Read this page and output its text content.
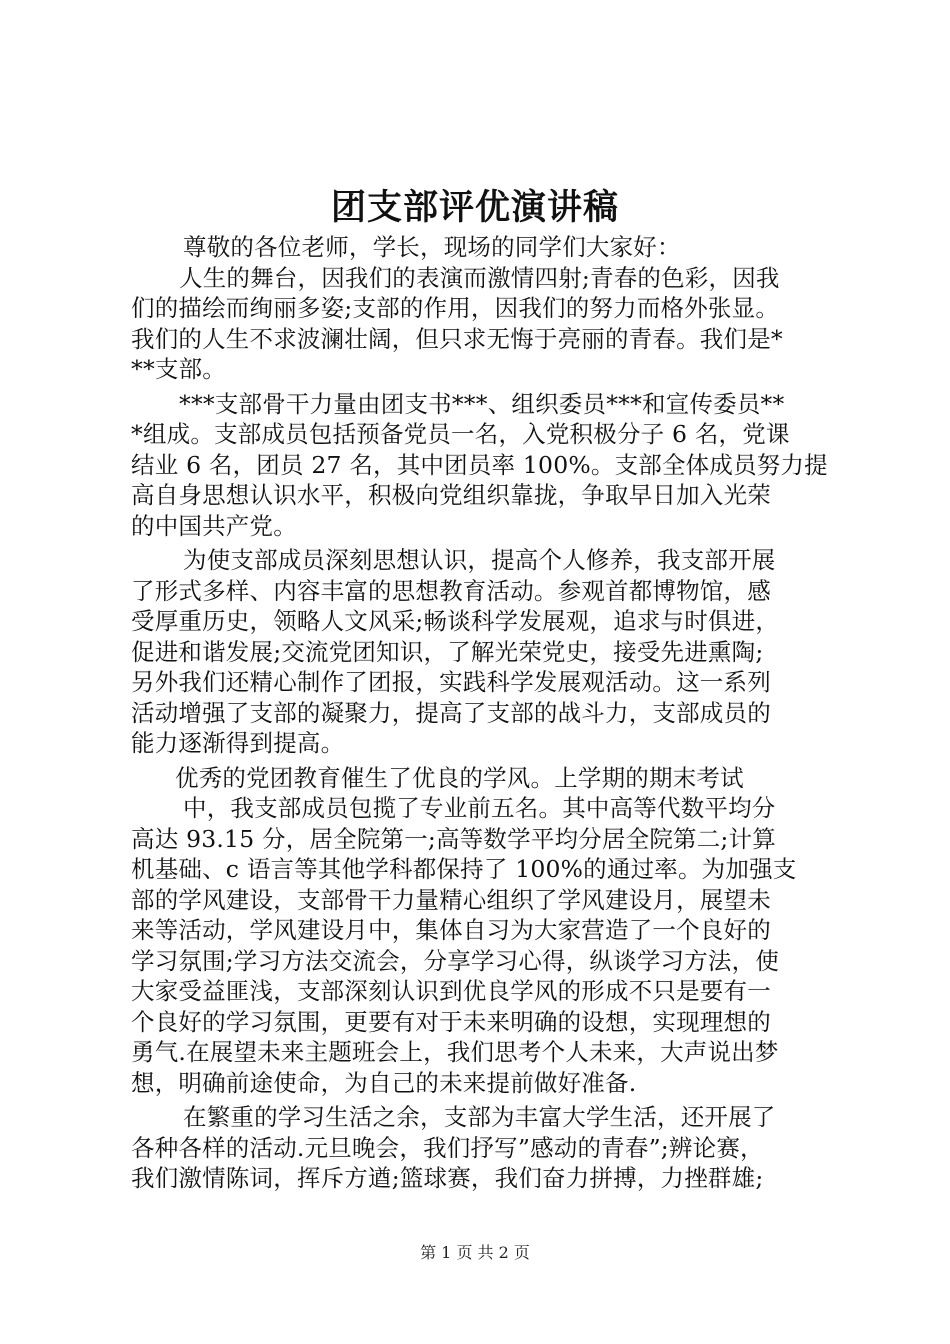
团支部评优演讲稿
尊敬的各位老师，学长，现场的同学们大家好：
人生的舞台，因我们的表演而激情四射;青春的色彩，因我
们的描绘而绚丽多姿;支部的作用，因我们的努力而格外张显。
我们的人生不求波澜壮阔，但只求无悔于亮丽的青春。我们是*
**支部。
***支部骨干力量由团支书***、组织委员***和宣传委员**
*组成。支部成员包括预备党员一名，入党积极分子 6 名，党课
结业 6 名，团员 27 名，其中团员率 100%。支部全体成员努力提
高自身思想认识水平，积极向党组织靠拢，争取早日加入光荣
的中国共产党。
为使支部成员深刻思想认识，提高个人修养，我支部开展
了形式多样、内容丰富的思想教育活动。参观首都博物馆，感
受厚重历史，领略人文风采;畅谈科学发展观，追求与时俱进，
促进和谐发展;交流党团知识，了解光荣党史，接受先进熏陶;
另外我们还精心制作了团报，实践科学发展观活动。这一系列
活动增强了支部的凝聚力，提高了支部的战斗力，支部成员的
能力逐渐得到提高。
优秀的党团教育催生了优良的学风。上学期的期末考试
中，我支部成员包揽了专业前五名。其中高等代数平均分
高达 93.15 分，居全院第一;高等数学平均分居全院第二;计算
机基础、c 语言等其他学科都保持了 100%的通过率。为加强支
部的学风建设，支部骨干力量精心组织了学风建设月，展望未
来等活动，学风建设月中，集体自习为大家营造了一个良好的
学习氛围;学习方法交流会，分享学习心得，纵谈学习方法，使
大家受益匪浅，支部深刻认识到优良学风的形成不只是要有一
个良好的学习氛围，更要有对于未来明确的设想，实现理想的
勇气.在展望未来主题班会上，我们思考个人未来，大声说出梦
想，明确前途使命，为自己的未来提前做好准备.
在繁重的学习生活之余，支部为丰富大学生活，还开展了
各种各样的活动.元旦晚会，我们抒写”感动的青春”;辨论赛，
我们激情陈词，挥斥方遒;篮球赛，我们奋力拼搏，力挫群雄;
第 1 页 共 2 页
